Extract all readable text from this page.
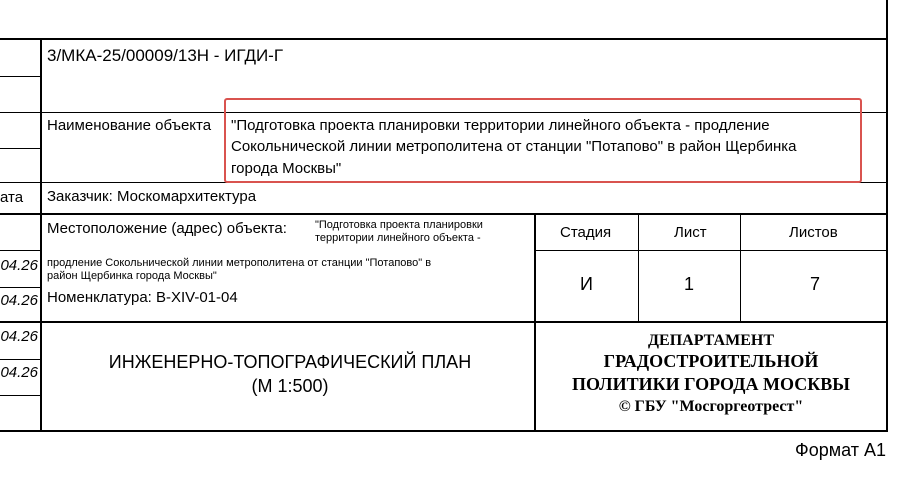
3/МКА-25/00009/13Н - ИГДИ-Г
Наименование объекта "Подготовка проекта планировки территории линейного объекта - продление
Сокольнической линии метрополитена от станции "Потапово" в район Щербинка
города Москвы"
Заказчик: Москомархитектура
ата
Местоположение (адрес) объекта:	"Подготовка проекта планировки
территории линейного объекта -
продление Сокольнической линии метрополитена от станции "Потапово" в
район Щербинка города Москвы"
Номенклатура: В-XIV-01-04
Стадия	Лист	Листов
И	1	7
04.26
04.26
04.26
04.26
ИНЖЕНЕРНО-ТОПОГРАФИЧЕСКИЙ ПЛАН
(М 1:500)
ДЕПАРТАМЕНТ
ГРАДОСТРОИТЕЛЬНОЙ
ПОЛИТИКИ ГОРОДА МОСКВЫ
© ГБУ "Мосгоргеотрест"
Формат А1
